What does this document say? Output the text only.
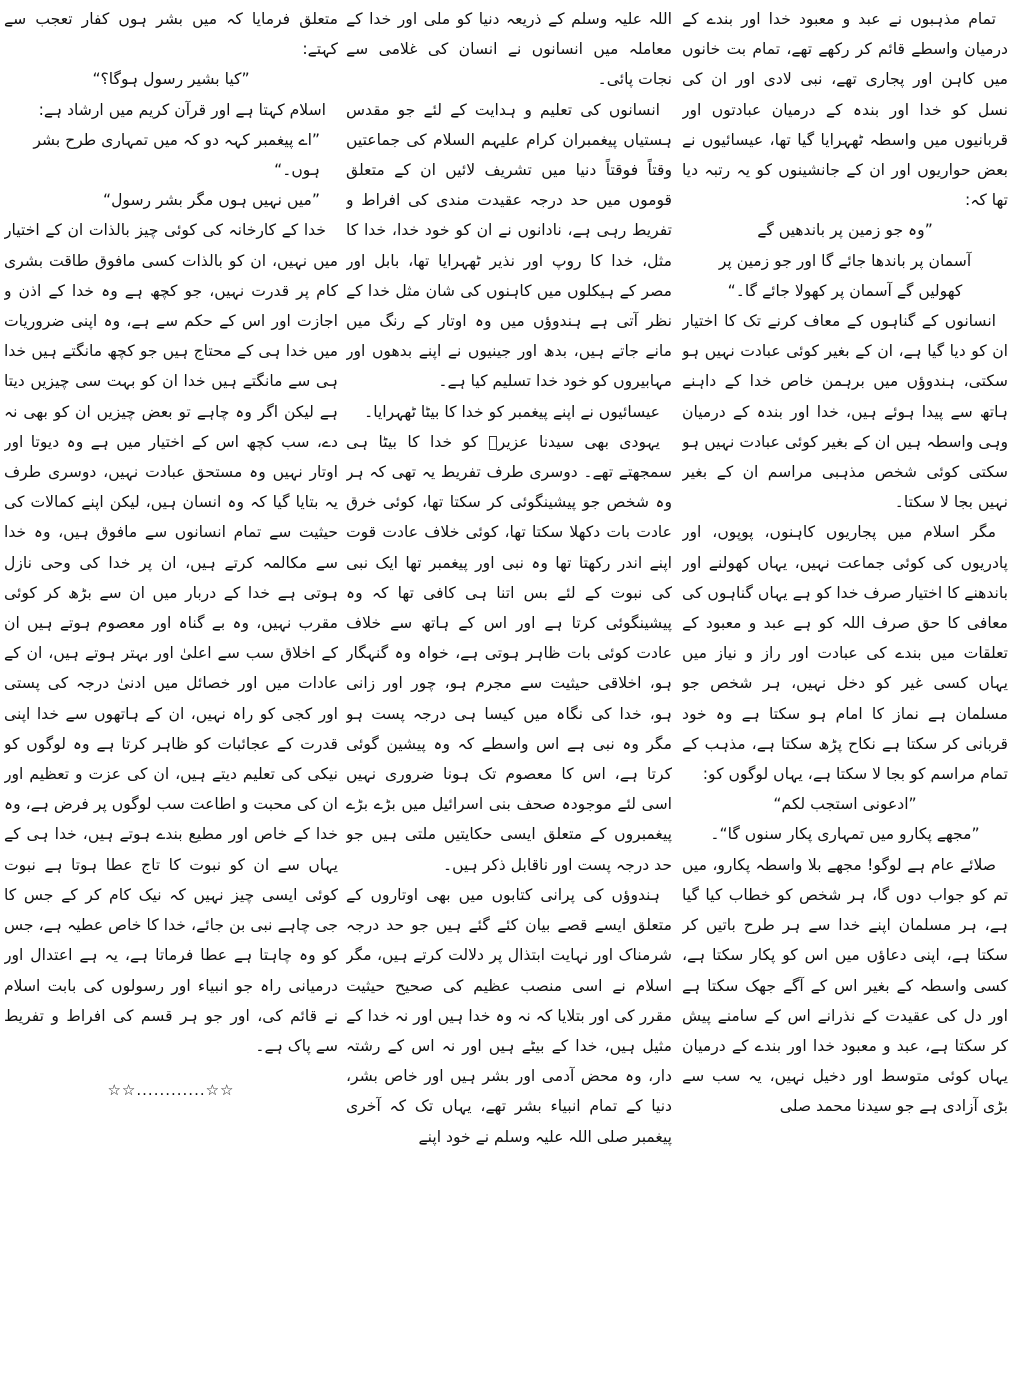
تمام مذہبوں نے عبد و معبود خدا اور بندے کے درمیان واسطے قائم کر رکھے تھے، تمام بت خانوں میں کاہن اور پجاری تھے، نبی لادی اور ان کی نسل کو خدا اور بندہ کے درمیان عبادتوں اور قربانیوں میں واسطہ ٹھہرایا گیا تھا، عیسائیوں نے بعض حواریوں اور ان کے جانشینوں کو یہ رتبہ دیا تھا کہ:

”وہ جو زمین پر باندھیں گے

آسمان پر باندھا جائے گا اور جو زمین پر

کھولیں گے آسمان پر کھولا جائے گا۔“

انسانوں کے گناہوں کے معاف کرنے تک کا اختیار ان کو دیا گیا ہے، ان کے بغیر کوئی عبادت نہیں ہو سکتی، ہندوؤں میں برہمن خاص خدا کے داہنے ہاتھ سے پیدا ہوئے ہیں، خدا اور بندہ کے درمیان وہی واسطہ ہیں ان کے بغیر کوئی عبادت نہیں ہو سکتی کوئی شخص مذہبی مراسم ان کے بغیر نہیں بجا لا سکتا۔

مگر اسلام میں پجاریوں کاہنوں، پوپوں، اور پادریوں کی کوئی جماعت نہیں، یہاں کھولنے اور باندھنے کا اختیار صرف خدا کو ہے یہاں گناہوں کی معافی کا حق صرف اللہ کو ہے عبد و معبود کے تعلقات میں بندے کی عبادت اور راز و نیاز میں یہاں کسی غیر کو دخل نہیں، ہر شخص جو مسلمان ہے نماز کا امام ہو سکتا ہے وہ خود قربانی کر سکتا ہے نکاح پڑھ سکتا ہے، مذہب کے تمام مراسم کو بجا لا سکتا ہے، یہاں لوگوں کو:

”ادعونی استجب لکم“

”مجھے پکارو میں تمہاری پکار سنوں گا“۔

صلائے عام ہے لوگو! مجھے بلا واسطہ پکارو، میں تم کو جواب دوں گا، ہر شخص کو خطاب کیا گیا ہے، ہر مسلمان اپنے خدا سے ہر طرح باتیں کر سکتا ہے، اپنی دعاؤں میں اس کو پکار سکتا ہے، کسی واسطہ کے بغیر اس کے آگے جھک سکتا ہے اور دل کی عقیدت کے نذرانے اس کے سامنے پیش کر سکتا ہے، عبد و معبود خدا اور بندے کے درمیان یہاں کوئی متوسط اور دخیل نہیں، یہ سب سے بڑی آزادی ہے جو سیدنا محمد صلی

اللہ علیہ وسلم کے ذریعہ دنیا کو ملی اور خدا کے معاملہ میں انسانوں نے انسان کی غلامی سے نجات پائی۔

انسانوں کی تعلیم و ہدایت کے لئے جو مقدس ہستیاں پیغمبران کرام علیہم السلام کی جماعتیں وقتاً فوقتاً دنیا میں تشریف لائیں ان کے متعلق قوموں میں حد درجہ عقیدت مندی کی افراط و تفریط رہی ہے، نادانوں نے ان کو خود خدا، خدا کا مثل، خدا کا روپ اور نذیر ٹھہرایا تھا، بابل اور مصر کے ہیکلوں میں کاہنوں کی شان مثل خدا کے نظر آتی ہے ہندوؤں میں وہ اوتار کے رنگ میں مانے جاتے ہیں، بدھ اور جینیوں نے اپنے بدھوں اور مہابیروں کو خود خدا تسلیم کیا ہے۔

عیسائیوں نے اپنے پیغمبر کو خدا کا بیٹا ٹھہرایا۔

یہودی بھی سیدنا عزیرؑ کو خدا کا بیٹا ہی سمجھتے تھے۔ دوسری طرف تفریط یہ تھی کہ ہر وہ شخص جو پیشینگوئی کر سکتا تھا، کوئی خرق عادت بات دکھلا سکتا تھا، کوئی خلاف عادت قوت اپنے اندر رکھتا تھا وہ نبی اور پیغمبر تھا ایک نبی کی نبوت کے لئے بس اتنا ہی کافی تھا کہ وہ پیشینگوئی کرتا ہے اور اس کے ہاتھ سے خلاف عادت کوئی بات ظاہر ہوتی ہے، خواہ وہ گنہگار ہو، اخلاقی حیثیت سے مجرم ہو، چور اور زانی ہو، خدا کی نگاہ میں کیسا ہی درجہ پست ہو مگر وہ نبی ہے اس واسطے کہ وہ پیشین گوئی کرتا ہے، اس کا معصوم تک ہونا ضروری نہیں اسی لئے موجودہ صحف بنی اسرائیل میں بڑے بڑے پیغمبروں کے متعلق ایسی حکایتیں ملتی ہیں جو حد درجہ پست اور ناقابل ذکر ہیں۔

ہندوؤں کی پرانی کتابوں میں بھی اوتاروں کے متعلق ایسے قصے بیان کئے گئے ہیں جو حد درجہ شرمناک اور نہایت ابتذال پر دلالت کرتے ہیں، مگر اسلام نے اسی منصب عظیم کی صحیح حیثیت مقرر کی اور بتلایا کہ نہ وہ خدا ہیں اور نہ خدا کے مثیل ہیں، خدا کے بیٹے ہیں اور نہ اس کے رشتہ دار، وہ محض آدمی اور بشر ہیں اور خاص بشر، دنیا کے تمام انبیاء بشر تھے، یہاں تک کہ آخری پیغمبر صلی اللہ علیہ وسلم نے خود اپنے

متعلق فرمایا کہ میں بشر ہوں کفار تعجب سے کہتے:

”کیا بشیر رسول ہوگا؟“

اسلام کہتا ہے اور قرآن کریم میں ارشاد ہے:

”اے پیغمبر کہہ دو کہ میں تمہاری طرح بشر ہوں۔“

”میں نہیں ہوں مگر بشر رسول“

خدا کے کارخانہ کی کوئی چیز بالذات ان کے اختیار میں نہیں، ان کو بالذات کسی مافوق طاقت بشری کام پر قدرت نہیں، جو کچھ ہے وہ خدا کے اذن و اجازت اور اس کے حکم سے ہے، وہ اپنی ضروریات میں خدا ہی کے محتاج ہیں جو کچھ مانگتے ہیں خدا ہی سے مانگتے ہیں خدا ان کو بہت سی چیزیں دیتا ہے لیکن اگر وہ چاہے تو بعض چیزیں ان کو بھی نہ دے، سب کچھ اس کے اختیار میں ہے وہ دیوتا اور اوتار نہیں وہ مستحق عبادت نہیں، دوسری طرف یہ بتایا گیا کہ وہ انسان ہیں، لیکن اپنے کمالات کی حیثیت سے تمام انسانوں سے مافوق ہیں، وہ خدا سے مکالمہ کرتے ہیں، ان پر خدا کی وحی نازل ہوتی ہے خدا کے دربار میں ان سے بڑھ کر کوئی مقرب نہیں، وہ بے گناہ اور معصوم ہوتے ہیں ان کے اخلاق سب سے اعلیٰ اور بہتر ہوتے ہیں، ان کے عادات میں اور خصائل میں ادنیٰ درجہ کی پستی اور کجی کو راہ نہیں، ان کے ہاتھوں سے خدا اپنی قدرت کے عجائبات کو ظاہر کرتا ہے وہ لوگوں کو نیکی کی تعلیم دیتے ہیں، ان کی عزت و تعظیم اور ان کی محبت و اطاعت سب لوگوں پر فرض ہے، وہ خدا کے خاص اور مطیع بندے ہوتے ہیں، خدا ہی کے یہاں سے ان کو نبوت کا تاج عطا ہوتا ہے نبوت کوئی ایسی چیز نہیں کہ نیک کام کر کے جس کا جی چاہے نبی بن جائے، خدا کا خاص عطیہ ہے، جس کو وہ چاہتا ہے عطا فرماتا ہے، یہ ہے اعتدال اور درمیانی راہ جو انبیاء اور رسولوں کی بابت اسلام نے قائم کی، اور جو ہر قسم کی افراط و تفریط سے پاک ہے۔

☆☆............☆☆
